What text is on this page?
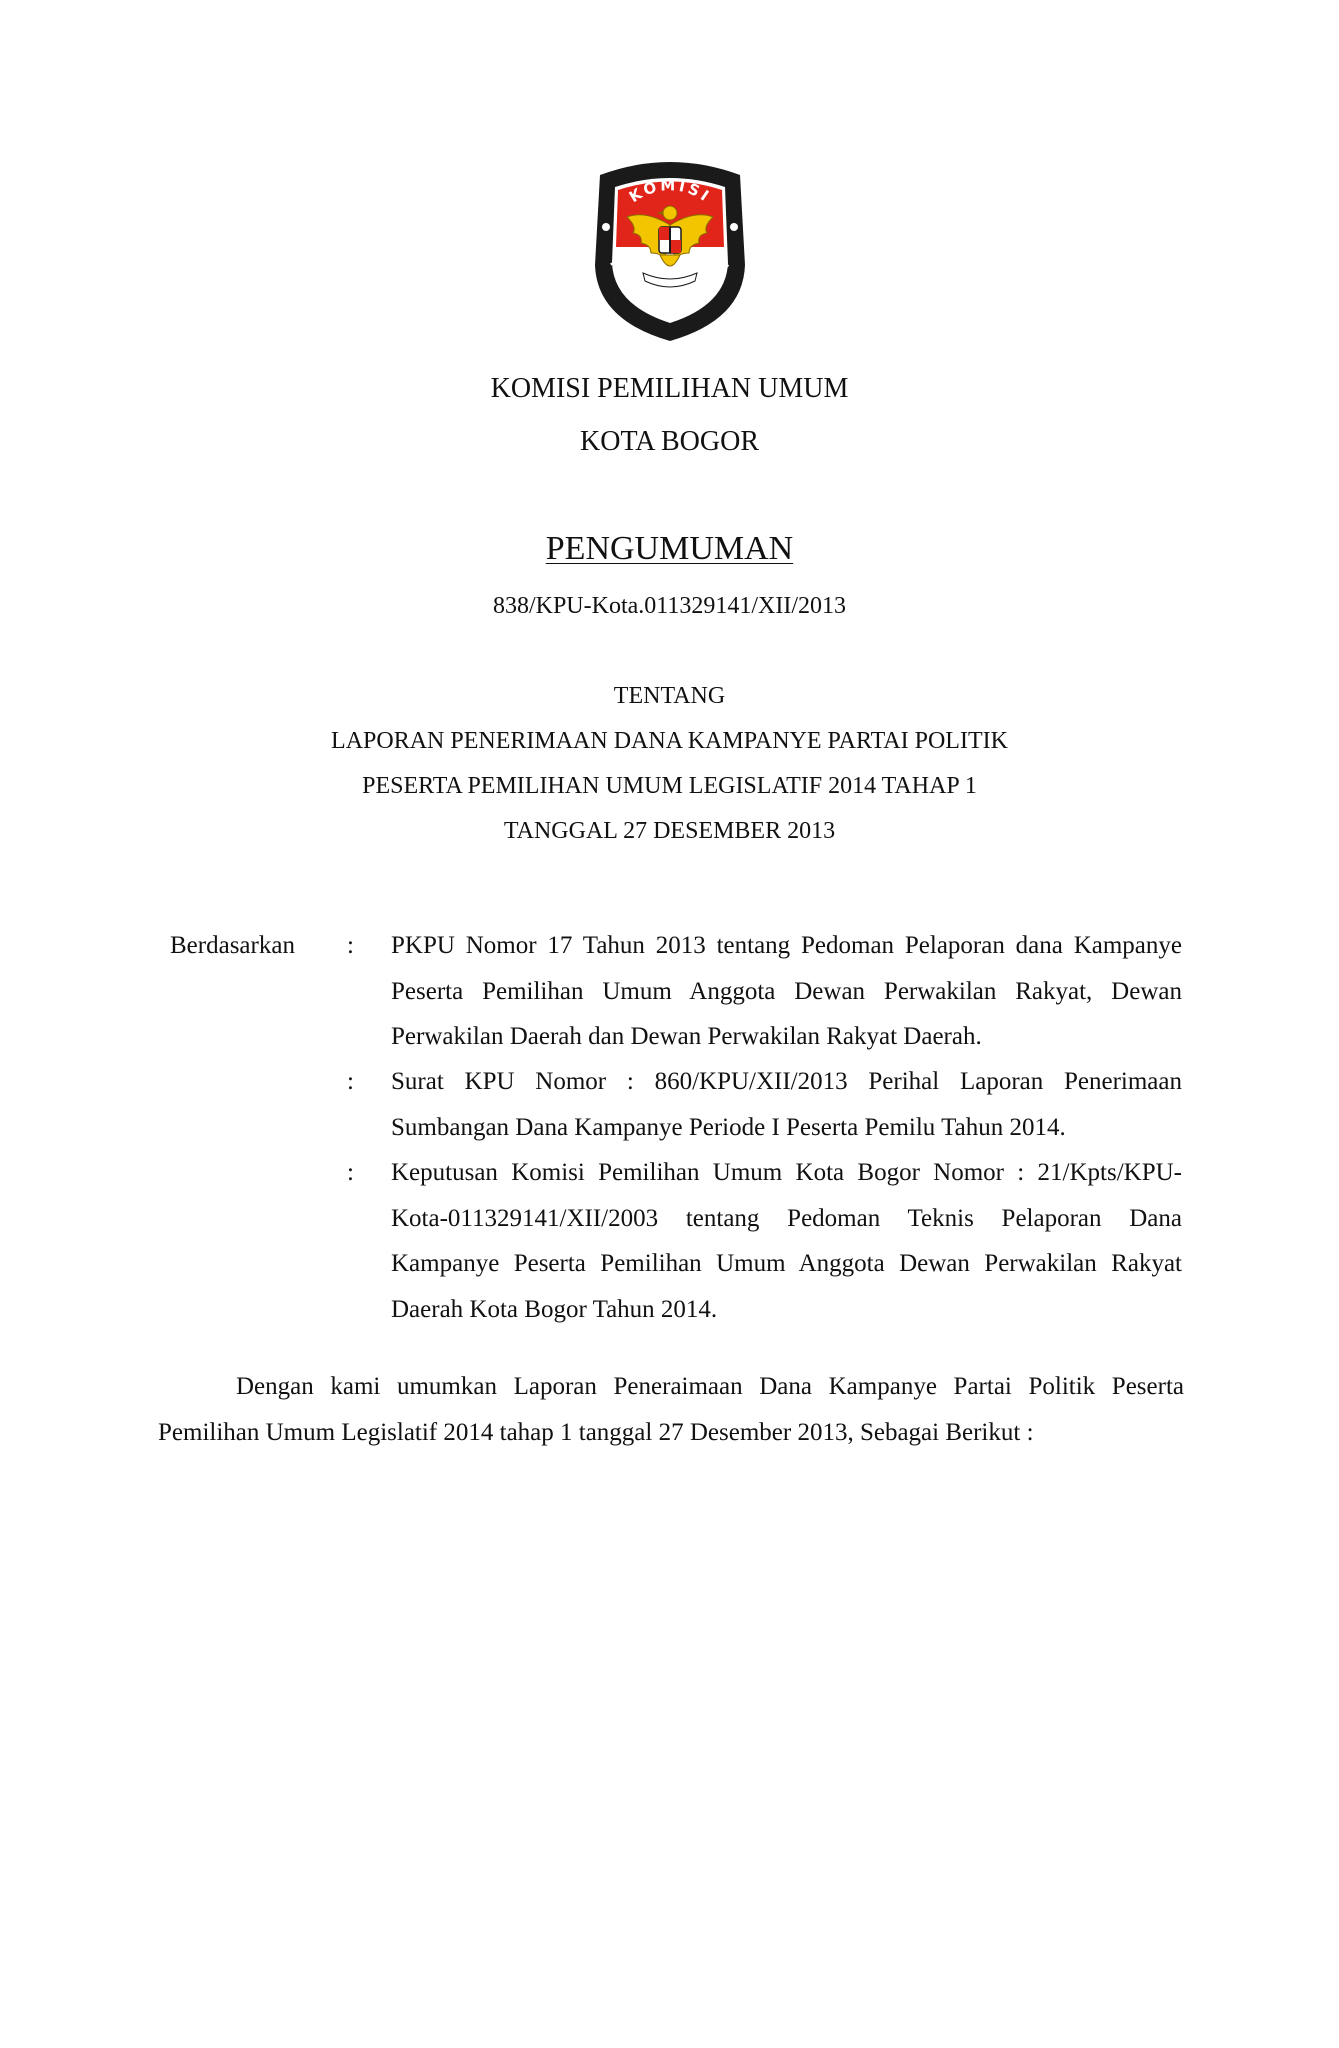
KOMISI
PEMILIHAN UMUM
KOMISI PEMILIHAN UMUM
KOTA BOGOR
PENGUMUMAN
838/KPU-Kota.011329141/XII/2013
TENTANG
LAPORAN PENERIMAAN DANA KAMPANYE PARTAI POLITIK
PESERTA PEMILIHAN UMUM LEGISLATIF 2014 TAHAP 1
TANGGAL 27 DESEMBER 2013
Berdasarkan : PKPU Nomor 17 Tahun 2013 tentang Pedoman Pelaporan dana Kampanye Peserta Pemilihan Umum Anggota Dewan Perwakilan Rakyat, Dewan Perwakilan Daerah dan Dewan Perwakilan Rakyat Daerah.
: Surat KPU Nomor : 860/KPU/XII/2013 Perihal Laporan Penerimaan Sumbangan Dana Kampanye Periode I Peserta Pemilu Tahun 2014.
: Keputusan Komisi Pemilihan Umum Kota Bogor Nomor : 21/Kpts/KPU-Kota-011329141/XII/2003 tentang Pedoman Teknis Pelaporan Dana Kampanye Peserta Pemilihan Umum Anggota Dewan Perwakilan Rakyat Daerah Kota Bogor Tahun 2014.
Dengan kami umumkan Laporan Peneraimaan Dana Kampanye Partai Politik Peserta Pemilihan Umum Legislatif 2014 tahap 1 tanggal 27 Desember 2013, Sebagai Berikut :
